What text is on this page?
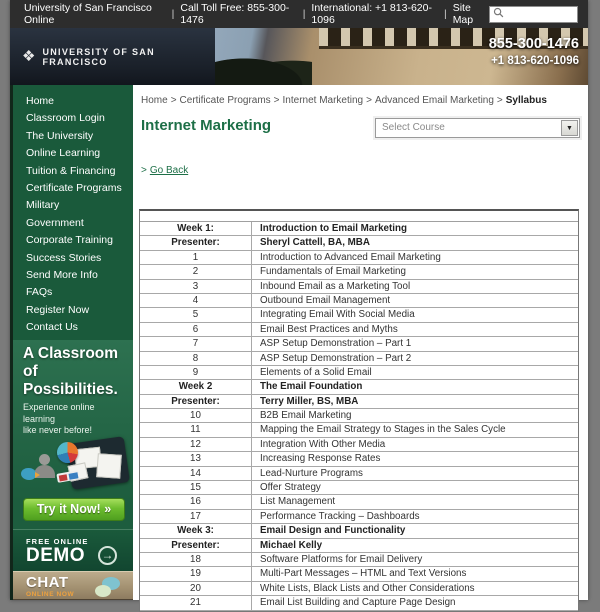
University of San Francisco Online	| Call Toll Free: 855-300-1476	| International: +1 813-620-1096	| Site Map
❖ UNIVERSITY OF SAN FRANCISCO
855-300-1476
+1 813-620-1096
Home
Classroom Login
The University
Online Learning
Tuition & Financing
Certificate Programs
Military
Government
Corporate Training
Success Stories
Send More Info
FAQs
Register Now
Contact Us
A Classroom
of Possibilities.
Experience online learning
like never before!
Try it Now! »
FREE ONLINE
DEMO	→
CHAT
ONLINE NOW
Home > Certificate Programs > Internet Marketing > Advanced Email Marketing > Syllabus
Internet Marketing	Select Course	▼
> Go Back
Week 1:	Introduction to Email Marketing
Presenter:	Sheryl Cattell, BA, MBA
1	Introduction to Advanced Email Marketing
2	Fundamentals of Email Marketing
3	Inbound Email as a Marketing Tool
4	Outbound Email Management
5	Integrating Email With Social Media
6	Email Best Practices and Myths
7	ASP Setup Demonstration – Part 1
8	ASP Setup Demonstration – Part 2
9	Elements of a Solid Email
Week 2	The Email Foundation
Presenter:	Terry Miller, BS, MBA
10	B2B Email Marketing
11	Mapping the Email Strategy to Stages in the Sales Cycle
12	Integration With Other Media
13	Increasing Response Rates
14	Lead-Nurture Programs
15	Offer Strategy
16	List Management
17	Performance Tracking – Dashboards
Week 3:	Email Design and Functionality
Presenter:	Michael Kelly
18	Software Platforms for Email Delivery
19	Multi-Part Messages – HTML and Text Versions
20	White Lists, Black Lists and Other Considerations
21	Email List Building and Capture Page Design
